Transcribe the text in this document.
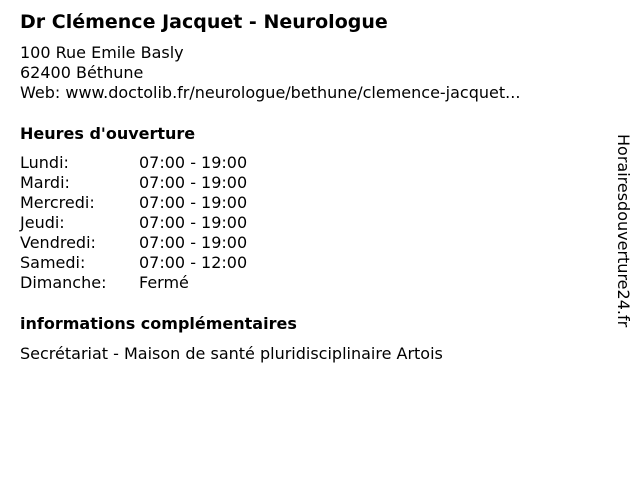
Dr Clémence Jacquet - Neurologue
100 Rue Emile Basly
62400 Béthune
Web: www.doctolib.fr/neurologue/bethune/clemence-jacquet...
Heures d'ouverture
Lundi:	07:00 - 19:00
Mardi:	07:00 - 19:00
Mercredi:	07:00 - 19:00
Jeudi:	07:00 - 19:00
Vendredi:	07:00 - 19:00
Samedi:	07:00 - 12:00
Dimanche: Fermé
informations complémentaires
Secrétariat - Maison de santé pluridisciplinaire Artois
Horairesdouverture24.fr
